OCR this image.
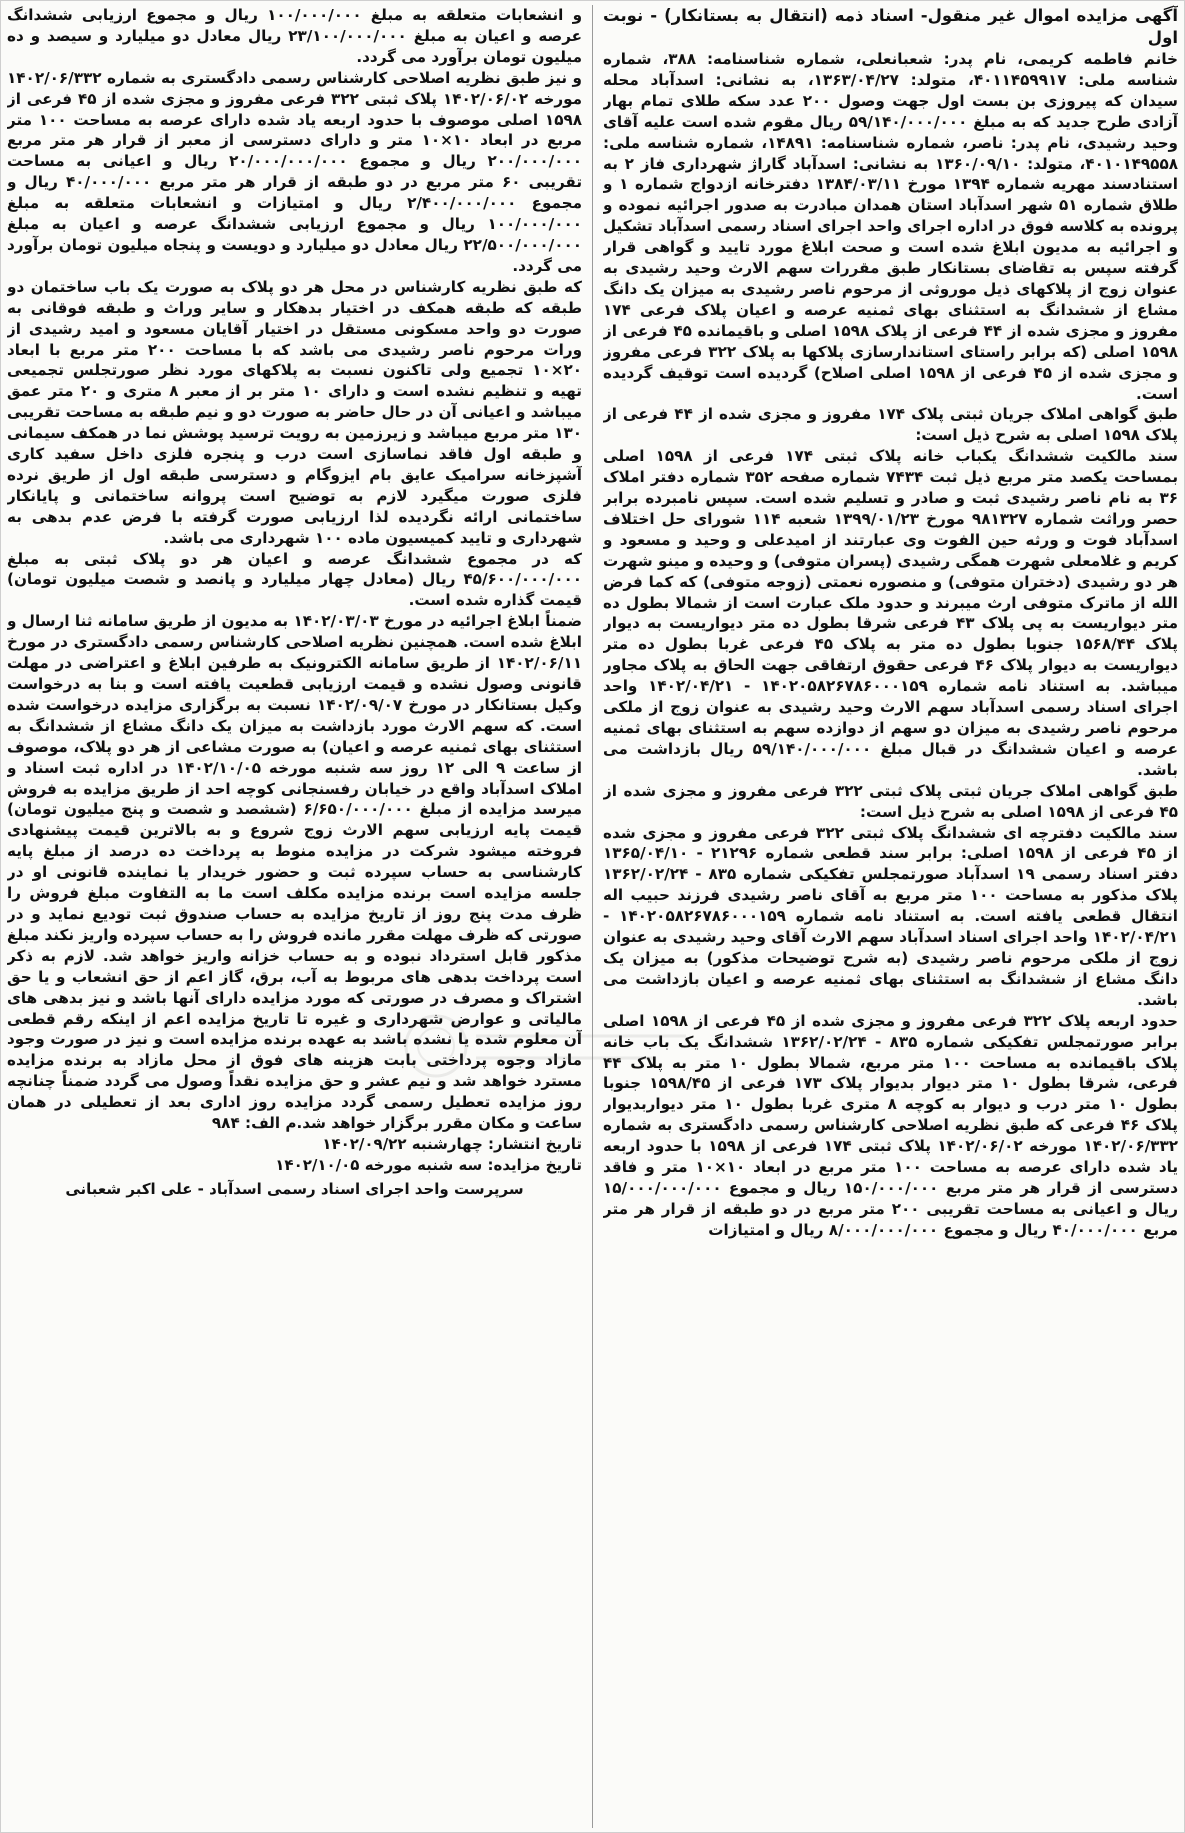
آگهی مزایده اموال غیر منقول- اسناد ذمه (انتقال به بستانکار) - نوبت اول

خانم فاطمه کریمی، نام پدر: شعبانعلی، شماره شناسنامه: ۳۸۸، شماره شناسه ملی: ۴۰۱۱۴۵۹۹۱۷، متولد: ۱۳۶۳/۰۴/۲۷، به نشانی: اسدآباد محله سیدان که پیروزی بن بست اول جهت وصول ۲۰۰ عدد سکه طلای تمام بهار آزادی طرح جدید که به مبلغ ۵۹/۱۴۰/۰۰۰/۰۰۰ ریال مقوم شده است علیه آقای وحید رشیدی، نام پدر: ناصر، شماره شناسنامه: ۱۴۸۹۱، شماره شناسه ملی: ۴۰۱۰۱۴۹۵۵۸، متولد: ۱۳۶۰/۰۹/۱۰ به نشانی: اسدآباد گاراژ شهرداری فاز ۲ به استنادسند مهریه شماره ۱۳۹۴ مورخ ۱۳۸۴/۰۳/۱۱ دفترخانه ازدواج شماره ۱ و طلاق شماره ۵۱ شهر اسدآباد استان همدان مبادرت به صدور اجرائیه نموده و پرونده به کلاسه فوق در اداره اجرای واحد اجرای اسناد رسمی اسدآباد تشکیل و اجرائیه به مدیون ابلاغ شده است و صحت ابلاغ مورد تایید و گواهی قرار گرفته سپس به تقاضای بستانکار طبق مقررات سهم الارث وحید رشیدی به عنوان زوج از پلاکهای ذیل موروثی از مرحوم ناصر رشیدی به میزان یک دانگ مشاع از ششدانگ به استثنای بهای ثمنیه عرصه و اعیان پلاک فرعی ۱۷۴ مفروز و مجزی شده از ۴۴ فرعی از پلاک ۱۵۹۸ اصلی و باقیمانده ۴۵ فرعی از ۱۵۹۸ اصلی (که برابر راستای استاندارسازی پلاکها به پلاک ۳۲۲ فرعی مفروز و مجزی شده از ۴۵ فرعی از ۱۵۹۸ اصلی اصلاح) گردیده است توقیف گردیده است.

طبق گواهی املاک جریان ثبتی پلاک ۱۷۴ مفروز و مجزی شده از ۴۴ فرعی از پلاک ۱۵۹۸ اصلی به شرح ذیل است:

سند مالکیت ششدانگ یکباب خانه پلاک ثبتی ۱۷۴ فرعی از ۱۵۹۸ اصلی بمساحت یکصد متر مربع ذیل ثبت ۷۴۳۴ شماره صفحه ۳۵۲ شماره دفتر املاک ۳۶ به نام ناصر رشیدی ثبت و صادر و تسلیم شده است. سپس نامبرده برابر حصر وراثت شماره ۹۸۱۳۲۷ مورخ ۱۳۹۹/۰۱/۲۳ شعبه ۱۱۴ شورای حل اختلاف اسدآباد فوت و ورثه حین الفوت وی عبارتند از امیدعلی و وحید و مسعود و کریم و غلامعلی شهرت همگی رشیدی (پسران متوفی) و وحیده و مینو شهرت هر دو رشیدی (دختران متوفی) و منصوره نعمتی (زوجه متوفی) که کما فرض الله از ماترک متوفی ارث میبرند و حدود ملک عبارت است از شمالا بطول ده متر دیواریست به پی پلاک ۴۳ فرعی شرقا بطول ده متر دیواریست به دیوار پلاک ۱۵۶۸/۴۴ جنوبا بطول ده متر به پلاک ۴۵ فرعی غربا بطول ده متر دیواریست به دیوار پلاک ۴۶ فرعی حقوق ارتفاقی جهت الحاق به پلاک مجاور میباشد. به استناد نامه شماره ۱۴۰۲۰۵۸۲۶۷۸۶۰۰۰۱۵۹ - ۱۴۰۲/۰۴/۲۱ واحد اجرای اسناد رسمی اسدآباد سهم الارث وحید رشیدی به عنوان زوج از ملکی مرحوم ناصر رشیدی به میزان دو سهم از دوازده سهم به استثنای بهای ثمنیه عرصه و اعیان ششدانگ در قبال مبلغ ۵۹/۱۴۰/۰۰۰/۰۰۰ ریال بازداشت می باشد.

طبق گواهی املاک جریان ثبتی پلاک ثبتی ۳۲۲ فرعی مفروز و مجزی شده از ۴۵ فرعی از ۱۵۹۸ اصلی به شرح ذیل است:

سند مالکیت دفترچه ای ششدانگ پلاک ثبتی ۳۲۲ فرعی مفروز و مجزی شده از ۴۵ فرعی از ۱۵۹۸ اصلی: برابر سند قطعی شماره ۲۱۲۹۶ - ۱۳۶۵/۰۴/۱۰ دفتر اسناد رسمی ۱۹ اسدآباد صورتمجلس تفکیکی شماره ۸۳۵ - ۱۳۶۲/۰۲/۲۴ پلاک مذکور به مساحت ۱۰۰ متر مربع به آقای ناصر رشیدی فرزند حبیب اله انتقال قطعی یافته است. به استناد نامه شماره ۱۴۰۲۰۵۸۲۶۷۸۶۰۰۰۱۵۹ - ۱۴۰۲/۰۴/۲۱ واحد اجرای اسناد اسدآباد سهم الارث آقای وحید رشیدی به عنوان زوج از ملکی مرحوم ناصر رشیدی (به شرح توضیحات مذکور) به میزان یک دانگ مشاع از ششدانگ به استثنای بهای ثمنیه عرصه و اعیان بازداشت می باشد.

حدود اربعه پلاک ۳۲۲ فرعی مفروز و مجزی شده از ۴۵ فرعی از ۱۵۹۸ اصلی برابر صورتمجلس تفکیکی شماره ۸۳۵ - ۱۳۶۲/۰۲/۲۴ ششدانگ یک باب خانه پلاک باقیمانده به مساحت ۱۰۰ متر مربع، شمالا بطول ۱۰ متر به پلاک ۴۴ فرعی، شرقا بطول ۱۰ متر دیوار بدیوار پلاک ۱۷۳ فرعی از ۱۵۹۸/۴۵ جنوبا بطول ۱۰ متر درب و دیوار به کوچه ۸ متری غربا بطول ۱۰ متر دیواربدیوار پلاک ۴۶ فرعی که طبق نظریه اصلاحی کارشناس رسمی دادگستری به شماره ۱۴۰۲/۰۶/۳۳۲ مورخه ۱۴۰۲/۰۶/۰۲ پلاک ثبتی ۱۷۴ فرعی از ۱۵۹۸ با حدود اربعه یاد شده دارای عرصه به مساحت ۱۰۰ متر مربع در ابعاد ۱۰×۱۰ متر و فاقد دسترسی از قرار هر متر مربع ۱۵۰/۰۰۰/۰۰۰ ریال و مجموع ۱۵/۰۰۰/۰۰۰/۰۰۰ ریال و اعیانی به مساحت تقریبی ۲۰۰ متر مربع در دو طبقه از قرار هر متر مربع ۴۰/۰۰۰/۰۰۰ ریال و مجموع ۸/۰۰۰/۰۰۰/۰۰۰ ریال و امتیازات

و انشعابات متعلقه به مبلغ ۱۰۰/۰۰۰/۰۰۰ ریال و مجموع ارزیابی ششدانگ عرصه و اعیان به مبلغ ۲۳/۱۰۰/۰۰۰/۰۰۰ ریال معادل دو میلیارد و سیصد و ده میلیون تومان برآورد می گردد.

و نیز طبق نظریه اصلاحی کارشناس رسمی دادگستری به شماره ۱۴۰۲/۰۶/۳۳۲ مورخه ۱۴۰۲/۰۶/۰۲ پلاک ثبتی ۳۲۲ فرعی مفروز و مجزی شده از ۴۵ فرعی از ۱۵۹۸ اصلی موصوف با حدود اربعه یاد شده دارای عرصه به مساحت ۱۰۰ متر مربع در ابعاد ۱۰×۱۰ متر و دارای دسترسی از معبر از قرار هر متر مربع ۲۰۰/۰۰۰/۰۰۰ ریال و مجموع ۲۰/۰۰۰/۰۰۰/۰۰۰ ریال و اعیانی به مساحت تقریبی ۶۰ متر مربع در دو طبقه از قرار هر متر مربع ۴۰/۰۰۰/۰۰۰ ریال و مجموع ۲/۴۰۰/۰۰۰/۰۰۰ ریال و امتیازات و انشعابات متعلقه به مبلغ ۱۰۰/۰۰۰/۰۰۰ ریال و مجموع ارزیابی ششدانگ عرصه و اعیان به مبلغ ۲۲/۵۰۰/۰۰۰/۰۰۰ ریال معادل دو میلیارد و دویست و پنجاه میلیون تومان برآورد می گردد.

که طبق نظریه کارشناس در محل هر دو پلاک به صورت یک باب ساختمان دو طبقه که طبقه همکف در اختیار بدهکار و سایر وراث و طبقه فوقانی به صورت دو واحد مسکونی مستقل در اختیار آقایان مسعود و امید رشیدی از ورات مرحوم ناصر رشیدی می باشد که با مساحت ۲۰۰ متر مربع با ابعاد ۲۰×۱۰ تجمیع ولی تاکنون نسبت به پلاکهای مورد نظر صورتجلس تجمیعی تهیه و تنظیم نشده است و دارای ۱۰ متر بر از معبر ۸ متری و ۲۰ متر عمق میباشد و اعیانی آن در حال حاضر به صورت دو و نیم طبقه به مساحت تقریبی ۱۳۰ متر مربع میباشد و زیرزمین به رویت ترسید پوشش نما در همکف سیمانی و طبقه اول فاقد نماسازی است درب و پنجره فلزی داخل سفید کاری آشپزخانه سرامیک عایق بام ایزوگام و دسترسی طبقه اول از طریق نرده فلزی صورت میگیرد لازم به توضیح است پروانه ساختمانی و پایانکار ساختمانی ارائه نگردیده لذا ارزیابی صورت گرفته با فرض عدم بدهی به شهرداری و تایید کمیسیون ماده ۱۰۰ شهرداری می باشد.

که در مجموع ششدانگ عرصه و اعیان هر دو پلاک ثبتی به مبلغ ۴۵/۶۰۰/۰۰۰/۰۰۰ ریال (معادل چهار میلیارد و پانصد و شصت میلیون تومان) قیمت گذاره شده است.

ضمناً ابلاغ اجرائیه در مورخ ۱۴۰۲/۰۳/۰۳ به مدیون از طریق سامانه ثنا ارسال و ابلاغ شده است. همچنین نظریه اصلاحی کارشناس رسمی دادگستری در مورخ ۱۴۰۲/۰۶/۱۱ از طریق سامانه الکترونیک به طرفین ابلاغ و اعتراضی در مهلت قانونی وصول نشده و قیمت ارزیابی قطعیت یافته است و بنا به درخواست وکیل بستانکار در مورخ ۱۴۰۲/۰۹/۰۷ نسبت به برگزاری مزایده درخواست شده است. که سهم الارث مورد بازداشت به میزان یک دانگ مشاع از ششدانگ به استثنای بهای ثمنیه عرصه و اعیان) به صورت مشاعی از هر دو پلاک، موصوف از ساعت ۹ الی ۱۲ روز سه شنبه مورخه ۱۴۰۲/۱۰/۰۵ در اداره ثبت اسناد و املاک اسدآباد واقع در خیابان رفسنجانی کوچه احد از طریق مزایده به فروش میرسد مزایده از مبلغ ۶/۶۵۰/۰۰۰/۰۰۰ (ششصد و شصت و پنج میلیون تومان) قیمت پایه ارزیابی سهم الارث زوج شروع و به بالاترین قیمت پیشنهادی فروخته میشود شرکت در مزایده منوط به پرداخت ده درصد از مبلغ پایه کارشناسی به حساب سپرده ثبت و حضور خریدار یا نماینده قانونی او در جلسه مزایده است برنده مزایده مکلف است ما به التفاوت مبلغ فروش را ظرف مدت پنج روز از تاریخ مزایده به حساب صندوق ثبت تودیع نماید و در صورتی که ظرف مهلت مقرر مانده فروش را به حساب سپرده واریز نکند مبلغ مذکور قابل استرداد نبوده و به حساب خزانه واریز خواهد شد. لازم به ذکر است پرداخت بدهی های مربوط به آب، برق، گاز اعم از حق انشعاب و یا حق اشتراک و مصرف در صورتی که مورد مزایده دارای آنها باشد و نیز بدهی های مالیاتی و عوارض شهرداری و غیره تا تاریخ مزایده اعم از اینکه رقم قطعی آن معلوم شده یا نشده باشد به عهده برنده مزایده است و نیز در صورت وجود مازاد وجوه پرداختی بابت هزینه های فوق از محل مازاد به برنده مزایده مسترد خواهد شد و نیم عشر و حق مزایده نقداً وصول می گردد ضمناً چنانچه روز مزایده تعطیل رسمی گردد مزایده روز اداری بعد از تعطیلی در همان ساعت و مکان مقرر برگزار خواهد شد.م الف: ۹۸۴

تاریخ انتشار: چهارشنبه ۱۴۰۲/۰۹/۲۲

تاریخ مزایده: سه شنبه مورخه ۱۴۰۲/۱۰/۰۵

سرپرست واحد اجرای اسناد رسمی اسدآباد - علی اکبر شعبانی
